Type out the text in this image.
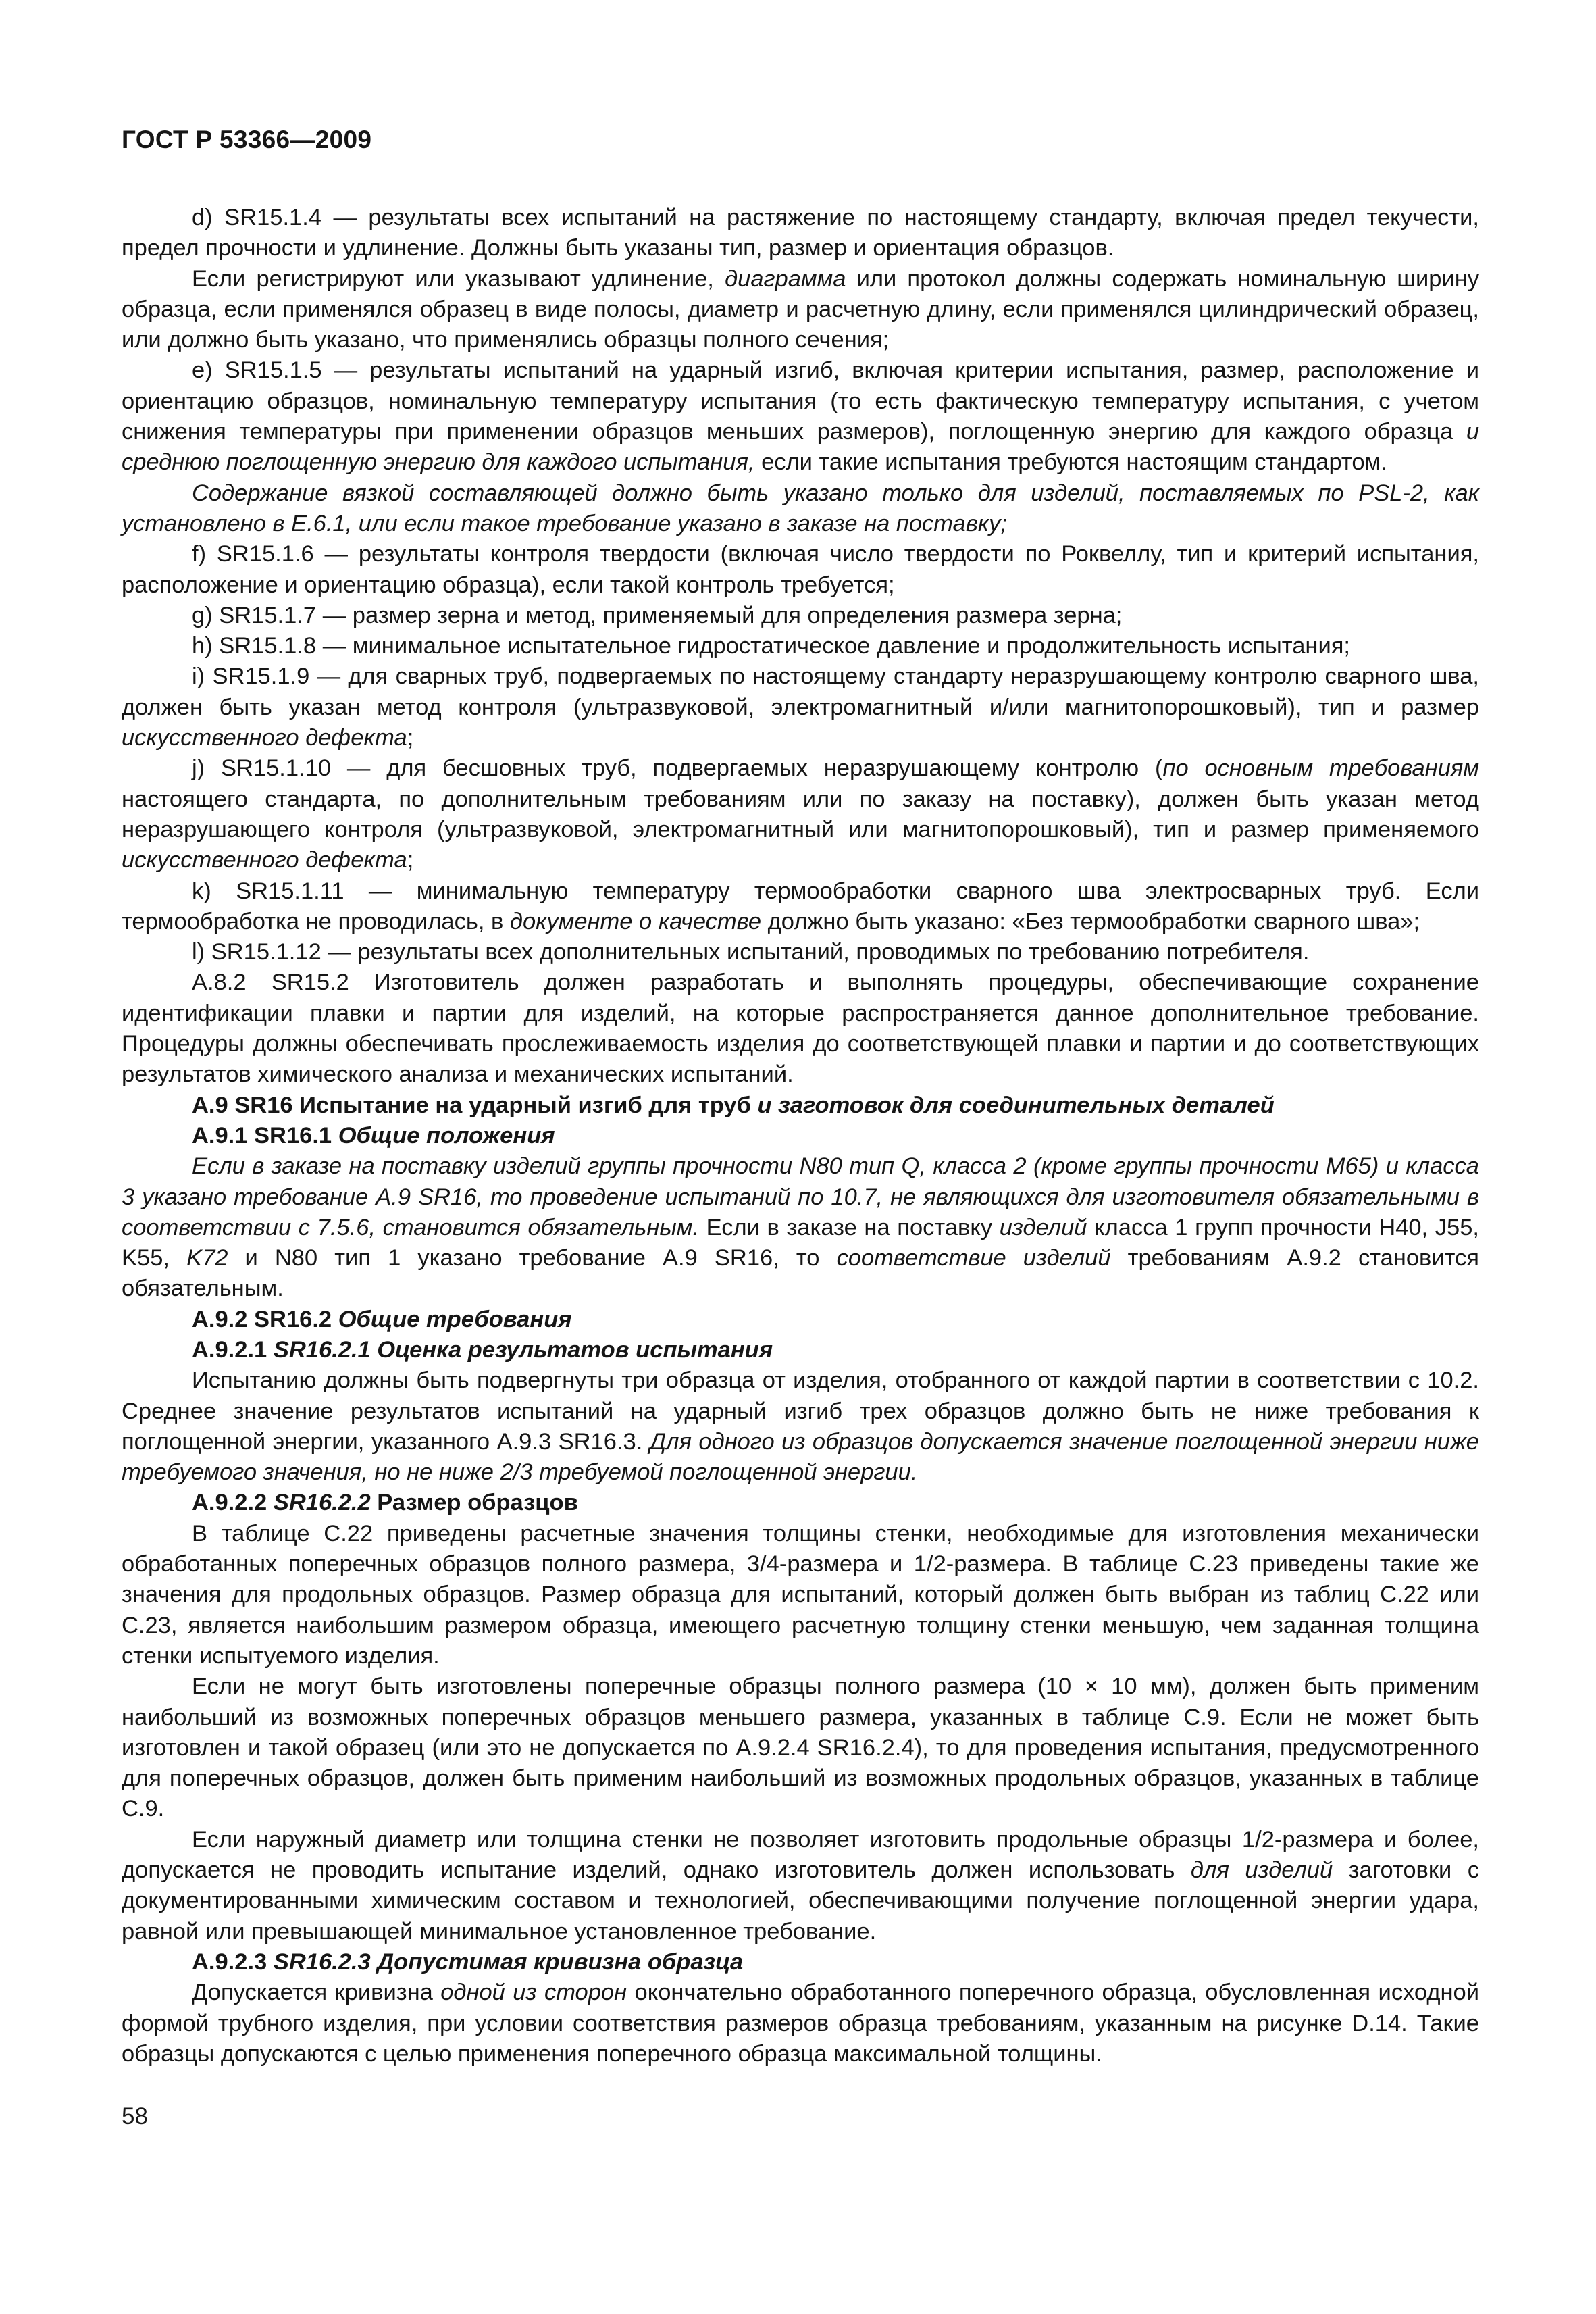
ГОСТ Р 53366—2009

d) SR15.1.4 — результаты всех испытаний на растяжение по настоящему стандарту, включая предел текучести, предел прочности и удлинение. Должны быть указаны тип, размер и ориентация образцов.

Если регистрируют или указывают удлинение, диаграмма или протокол должны содержать номинальную ширину образца, если применялся образец в виде полосы, диаметр и расчетную длину, если применялся цилиндрический образец, или должно быть указано, что применялись образцы полного сечения;

e) SR15.1.5 — результаты испытаний на ударный изгиб, включая критерии испытания, размер, расположение и ориентацию образцов, номинальную температуру испытания (то есть фактическую температуру испытания, с учетом снижения температуры при применении образцов меньших размеров), поглощенную энергию для каждого образца и среднюю поглощенную энергию для каждого испытания, если такие испытания требуются настоящим стандартом.

Содержание вязкой составляющей должно быть указано только для изделий, поставляемых по PSL-2, как установлено в Е.6.1, или если такое требование указано в заказе на поставку;

f) SR15.1.6 — результаты контроля твердости (включая число твердости по Роквеллу, тип и критерий испытания, расположение и ориентацию образца), если такой контроль требуется;

g) SR15.1.7 — размер зерна и метод, применяемый для определения размера зерна;

h) SR15.1.8 — минимальное испытательное гидростатическое давление и продолжительность испытания;

i) SR15.1.9 — для сварных труб, подвергаемых по настоящему стандарту неразрушающему контролю сварного шва, должен быть указан метод контроля (ультразвуковой, электромагнитный и/или магнитопорошковый), тип и размер искусственного дефекта;

j) SR15.1.10 — для бесшовных труб, подвергаемых неразрушающему контролю (по основным требованиям настоящего стандарта, по дополнительным требованиям или по заказу на поставку), должен быть указан метод неразрушающего контроля (ультразвуковой, электромагнитный или магнитопорошковый), тип и размер применяемого искусственного дефекта;

k) SR15.1.11 — минимальную температуру термообработки сварного шва электросварных труб. Если термообработка не проводилась, в документе о качестве должно быть указано: «Без термообработки сварного шва»;

l) SR15.1.12 — результаты всех дополнительных испытаний, проводимых по требованию потребителя.

А.8.2 SR15.2 Изготовитель должен разработать и выполнять процедуры, обеспечивающие сохранение идентификации плавки и партии для изделий, на которые распространяется данное дополнительное требование. Процедуры должны обеспечивать прослеживаемость изделия до соответствующей плавки и партии и до соответствующих результатов химического анализа и механических испытаний.

А.9 SR16 Испытание на ударный изгиб для труб и заготовок для соединительных деталей

А.9.1 SR16.1 Общие положения

Если в заказе на поставку изделий группы прочности N80 тип Q, класса 2 (кроме группы прочности М65) и класса 3 указано требование А.9 SR16, то проведение испытаний по 10.7, не являющихся для изготовителя обязательными в соответствии с 7.5.6, становится обязательным. Если в заказе на поставку изделий класса 1 групп прочности Н40, J55, K55, K72 и N80 тип 1 указано требование А.9 SR16, то соответствие изделий требованиям А.9.2 становится обязательным.

А.9.2 SR16.2 Общие требования

А.9.2.1 SR16.2.1 Оценка результатов испытания

Испытанию должны быть подвергнуты три образца от изделия, отобранного от каждой партии в соответствии с 10.2. Среднее значение результатов испытаний на ударный изгиб трех образцов должно быть не ниже требования к поглощенной энергии, указанного А.9.3 SR16.3. Для одного из образцов допускается значение поглощенной энергии ниже требуемого значения, но не ниже 2/3 требуемой поглощенной энергии.

А.9.2.2 SR16.2.2 Размер образцов

В таблице С.22 приведены расчетные значения толщины стенки, необходимые для изготовления механически обработанных поперечных образцов полного размера, 3/4-размера и 1/2-размера. В таблице С.23 приведены такие же значения для продольных образцов. Размер образца для испытаний, который должен быть выбран из таблиц С.22 или С.23, является наибольшим размером образца, имеющего расчетную толщину стенки меньшую, чем заданная толщина стенки испытуемого изделия.

Если не могут быть изготовлены поперечные образцы полного размера (10 × 10 мм), должен быть применим наибольший из возможных поперечных образцов меньшего размера, указанных в таблице С.9. Если не может быть изготовлен и такой образец (или это не допускается по А.9.2.4 SR16.2.4), то для проведения испытания, предусмотренного для поперечных образцов, должен быть применим наибольший из возможных продольных образцов, указанных в таблице С.9.

Если наружный диаметр или толщина стенки не позволяет изготовить продольные образцы 1/2-размера и более, допускается не проводить испытание изделий, однако изготовитель должен использовать для изделий заготовки с документированными химическим составом и технологией, обеспечивающими получение поглощенной энергии удара, равной или превышающей минимальное установленное требование.

А.9.2.3 SR16.2.3 Допустимая кривизна образца

Допускается кривизна одной из сторон окончательно обработанного поперечного образца, обусловленная исходной формой трубного изделия, при условии соответствия размеров образца требованиям, указанным на рисунке D.14. Такие образцы допускаются с целью применения поперечного образца максимальной толщины.

58
